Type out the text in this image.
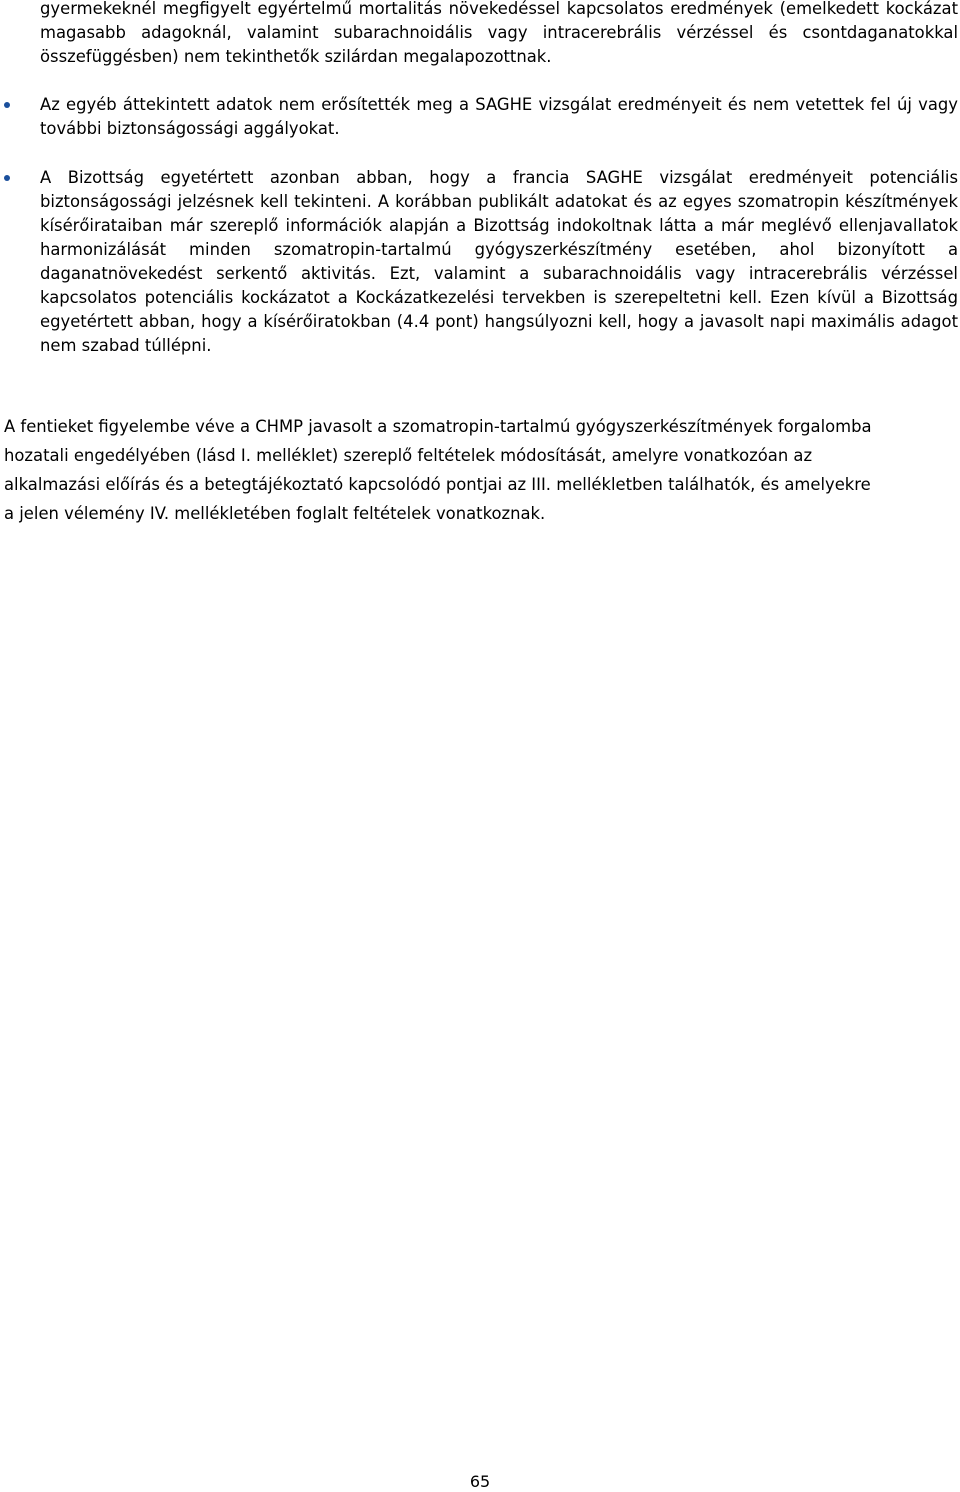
gyermekeknél megfigyelt egyértelmű mortalitás növekedéssel kapcsolatos eredmények (emelkedett kockázat magasabb adagoknál, valamint subarachnoidális vagy intracerebrális vérzéssel és csontdaganatokkal összefüggésben) nem tekinthetők szilárdan megalapozottnak.
Az egyéb áttekintett adatok nem erősítették meg a SAGHE vizsgálat eredményeit és nem vetettek fel új vagy további biztonságossági aggályokat.
A Bizottság egyetértett azonban abban, hogy a francia SAGHE vizsgálat eredményeit potenciális biztonságossági jelzésnek kell tekinteni. A korábban publikált adatokat és az egyes szomatropin készítmények kísérőirataiban már szereplő információk alapján a Bizottság indokoltnak látta a már meglévő ellenjavallatok harmonizálását minden szomatropin-tartalmú gyógyszerkészítmény esetében, ahol bizonyított a daganatnövekedést serkentő aktivitás. Ezt, valamint a subarachnoidális vagy intracerebrális vérzéssel kapcsolatos potenciális kockázatot a Kockázatkezelési tervekben is szerepeltetni kell. Ezen kívül a Bizottság egyetértett abban, hogy a kísérőiratokban (4.4 pont) hangsúlyozni kell, hogy a javasolt napi maximális adagot nem szabad túllépni.
A fentieket figyelembe véve a CHMP javasolt a szomatropin-tartalmú gyógyszerkészítmények forgalomba hozatali engedélyében (lásd I. melléklet) szereplő feltételek módosítását, amelyre vonatkozóan az alkalmazási előírás és a betegtájékoztató kapcsolódó pontjai az III. mellékletben találhatók, és amelyekre a jelen vélemény IV. mellékletében foglalt feltételek vonatkoznak.
65
